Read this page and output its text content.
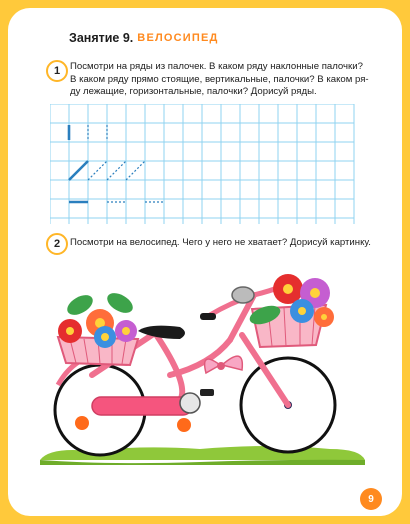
Занятие 9. ВЕЛОСИПЕД
1	Посмотри на ряды из палочек. В каком ряду наклонные палочки?
В каком ряду прямо стоящие, вертикальные, палочки? В каком ря-
ду лежащие, горизонтальные, палочки? Дорисуй ряды.
2	Посмотри на велосипед. Чего у него не хватает? Дорисуй картинку.
9
